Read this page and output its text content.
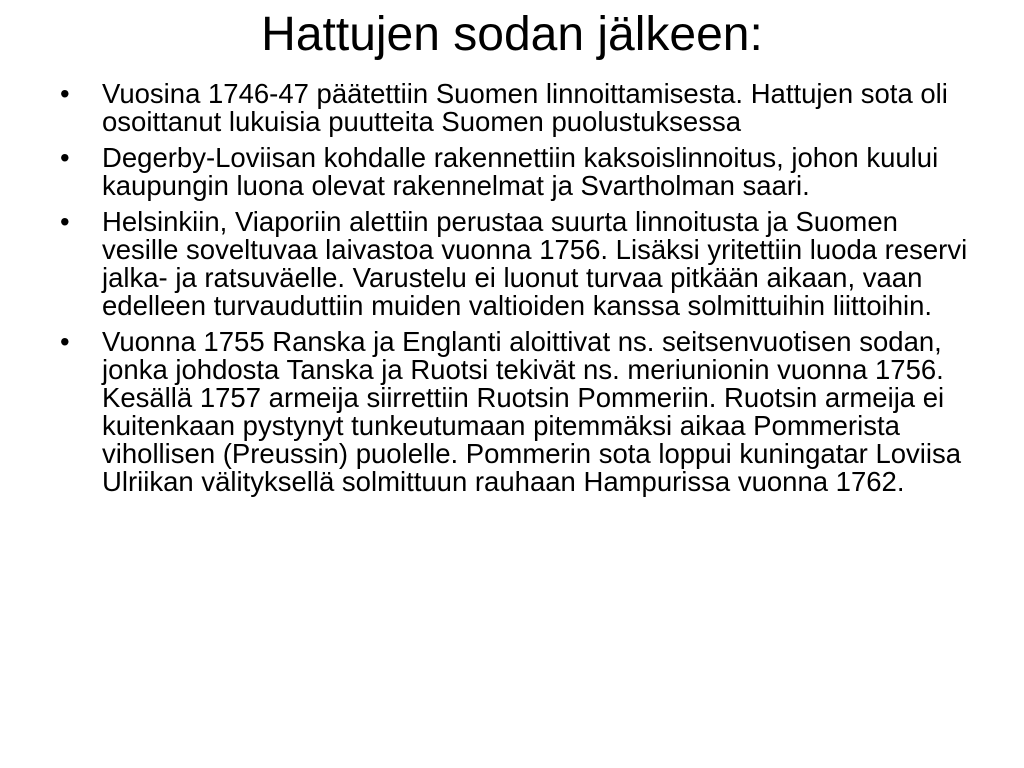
Hattujen sodan jälkeen:
•	Vuosina 1746-47 päätettiin Suomen linnoittamisesta. Hattujen sota oli osoittanut lukuisia puutteita Suomen puolustuksessa
•	Degerby-Loviisan kohdalle rakennettiin kaksoislinnoitus, johon kuului kaupungin luona olevat rakennelmat ja Svartholman saari.
•	Helsinkiin, Viaporiin alettiin perustaa suurta linnoitusta ja Suomen vesille soveltuvaa laivastoa vuonna 1756. Lisäksi yritettiin luoda reservi jalka- ja ratsuväelle. Varustelu ei luonut turvaa pitkään aikaan, vaan edelleen turvauduttiin muiden valtioiden kanssa solmittuihin liittoihin.
•	Vuonna 1755 Ranska ja Englanti aloittivat ns. seitsenvuotisen sodan, jonka johdosta Tanska ja Ruotsi tekivät ns. meriunionin vuonna 1756. Kesällä 1757 armeija siirrettiin Ruotsin Pommeriin. Ruotsin armeija ei kuitenkaan pystynyt tunkeutumaan pitemmäksi aikaa Pommerista vihollisen (Preussin) puolelle. Pommerin sota loppui kuningatar Loviisa Ulriikan välityksellä solmittuun rauhaan Hampurissa vuonna 1762.
